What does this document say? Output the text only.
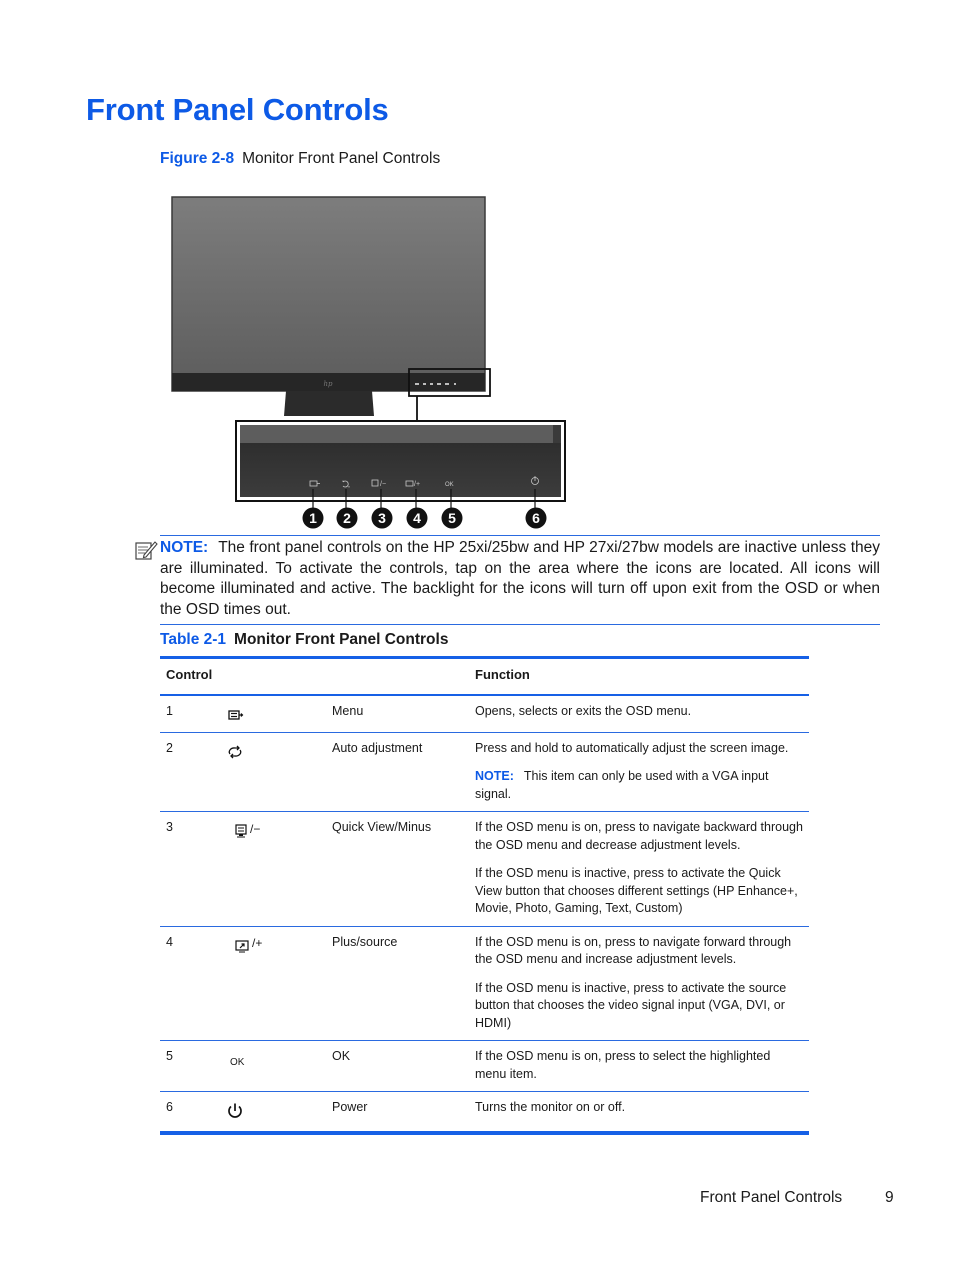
Front Panel Controls
Figure 2-8 Monitor Front Panel Controls
hp
/−	/+	OK
1 2 3 4 5	6
NOTE: The front panel controls on the HP 25xi/25bw and HP 27xi/27bw models are inactive unless they are illuminated. To activate the controls, tap on the area where the icons are located. All icons will become illuminated and active. The backlight for the icons will turn off upon exit from the OSD or when the OSD times out.
Table 2-1 Monitor Front Panel Controls
Control			Function
1		Menu	Opens, selects or exits the OSD menu.

2		Auto adjustment	Press and hold to automatically adjust the screen image.

NOTE: This item can only be used with a VGA input signal.

3	/−	Quick View/Minus	If the OSD menu is on, press to navigate backward through the OSD menu and decrease adjustment levels.

If the OSD menu is inactive, press to activate the Quick View button that chooses different settings (HP Enhance+, Movie, Photo, Gaming, Text, Custom)

4	/+	Plus/source	If the OSD menu is on, press to navigate forward through the OSD menu and increase adjustment levels.

If the OSD menu is inactive, press to activate the source button that chooses the video signal input (VGA, DVI, or HDMI)

5	OK	OK	If the OSD menu is on, press to select the highlighted menu item.

6		Power	Turns the monitor on or off.

Front Panel Controls	9
